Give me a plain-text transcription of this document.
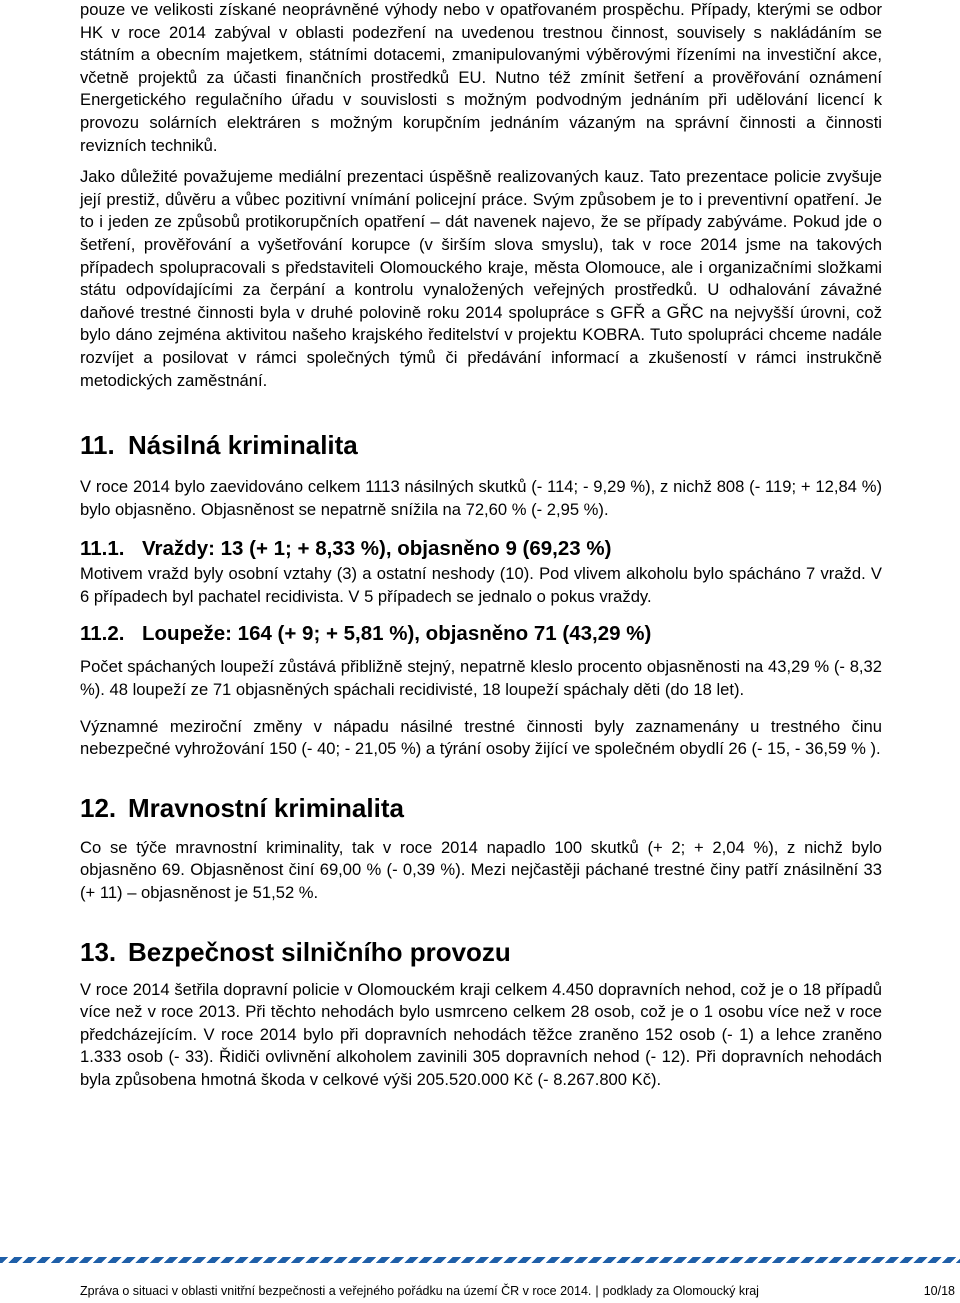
pouze ve velikosti získané neoprávněné výhody nebo v opatřovaném prospěchu. Případy, kterými se odbor HK v roce 2014 zabýval v oblasti podezření na uvedenou trestnou činnost, souvisely s nakládáním se státním a obecním majetkem, státními dotacemi, zmanipulovanými výběrovými řízeními na investiční akce, včetně projektů za účasti finančních prostředků EU. Nutno též zmínit šetření a prověřování oznámení Energetického regulačního úřadu v souvislosti s možným podvodným jednáním při udělování licencí k provozu solárních elektráren s možným korupčním jednáním vázaným na správní činnosti a činnosti revizních techniků.

Jako důležité považujeme mediální prezentaci úspěšně realizovaných kauz. Tato prezentace policie zvyšuje její prestiž, důvěru a vůbec pozitivní vnímání policejní práce. Svým způsobem je to i preventivní opatření. Je to i jeden ze způsobů protikorupčních opatření – dát navenek najevo, že se případy zabýváme. Pokud jde o šetření, prověřování a vyšetřování korupce (v širším slova smyslu), tak v roce 2014 jsme na takových případech spolupracovali s představiteli Olomouckého kraje, města Olomouce, ale i organizačními složkami státu odpovídajícími za čerpání a kontrolu vynaložených veřejných prostředků. U odhalování závažné daňové trestné činnosti byla v druhé polovině roku 2014 spolupráce s GFŘ a GŘC na nejvyšší úrovni, což bylo dáno zejména aktivitou našeho krajského ředitelství v projektu KOBRA. Tuto spolupráci chceme nadále rozvíjet a posilovat v rámci společných týmů či předávání informací a zkušeností v rámci instrukčně metodických zaměstnání.

11. Násilná kriminalita

V roce 2014 bylo zaevidováno celkem 1113 násilných skutků (- 114; - 9,29 %), z nichž 808 (- 119; + 12,84 %) bylo objasněno. Objasněnost se nepatrně snížila na 72,60 % (- 2,95 %).

11.1. Vraždy: 13 (+ 1; + 8,33 %), objasněno 9 (69,23 %)

Motivem vražd byly osobní vztahy (3) a ostatní neshody (10). Pod vlivem alkoholu bylo spácháno 7 vražd. V 6 případech byl pachatel recidivista. V 5 případech se jednalo o pokus vraždy.

11.2. Loupeže: 164 (+ 9; + 5,81 %), objasněno 71 (43,29 %)

Počet spáchaných loupeží zůstává přibližně stejný, nepatrně kleslo procento objasněnosti na 43,29 % (- 8,32 %). 48 loupeží ze 71 objasněných spáchali recidivisté, 18 loupeží spáchaly děti (do 18 let).

Významné meziroční změny v nápadu násilné trestné činnosti byly zaznamenány u trestného činu nebezpečné vyhrožování 150 (- 40; - 21,05 %) a týrání osoby žijící ve společném obydlí 26 (- 15, - 36,59 % ).

12. Mravnostní kriminalita

Co se týče mravnostní kriminality, tak v roce 2014 napadlo 100 skutků (+ 2; + 2,04 %), z nichž bylo objasněno 69. Objasněnost činí 69,00 % (- 0,39 %). Mezi nejčastěji páchané trestné činy patří znásilnění 33 (+ 11) – objasněnost je 51,52 %.

13. Bezpečnost silničního provozu

V roce 2014 šetřila dopravní policie v Olomouckém kraji celkem 4.450 dopravních nehod, což je o 18 případů více než v roce 2013. Při těchto nehodách bylo usmrceno celkem 28 osob, což je o 1 osobu více než v roce předcházejícím. V roce 2014 bylo při dopravních nehodách těžce zraněno 152 osob (- 1) a lehce zraněno 1.333 osob (- 33). Řidiči ovlivnění alkoholem zavinili 305 dopravních nehod (- 12). Při dopravních nehodách byla způsobena hmotná škoda v celkové výši 205.520.000 Kč (- 8.267.800 Kč).

Zpráva o situaci v oblasti vnitřní bezpečnosti a veřejného pořádku na území ČR v roce 2014. | podklady za Olomoucký kraj	10/18
